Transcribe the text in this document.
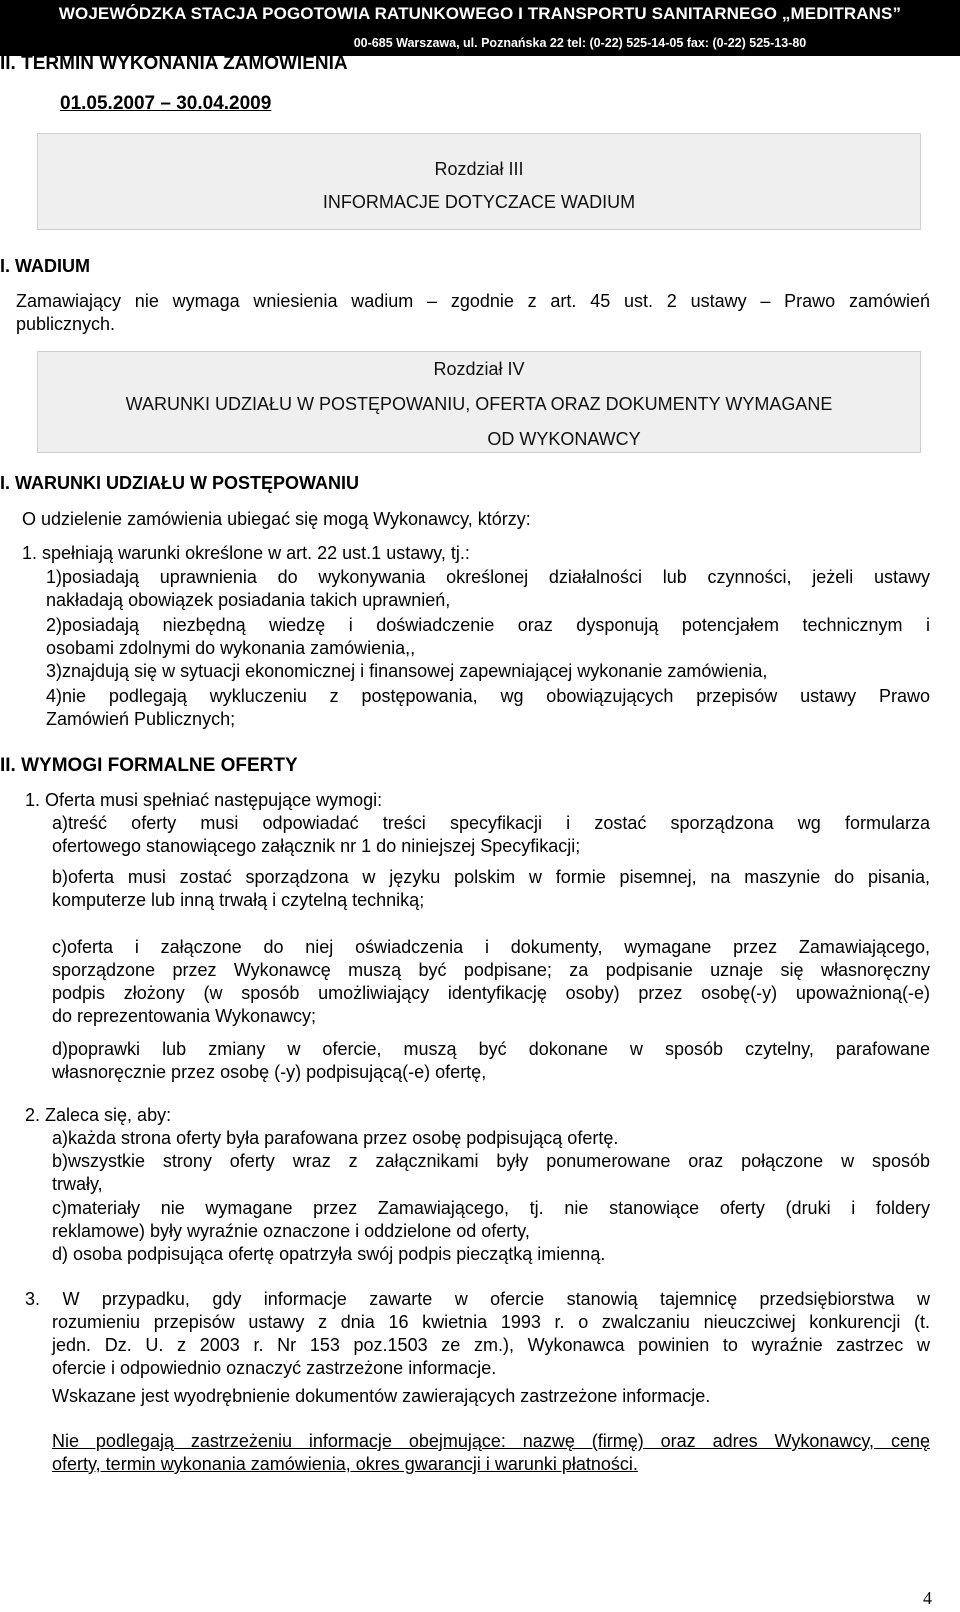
WOJEWÓDZKA STACJA POGOTOWIA RATUNKOWEGO I TRANSPORTU SANITARNEGO „MEDITRANS”
00-685 Warszawa, ul. Poznańska 22 tel: (0-22) 525-14-05 fax: (0-22) 525-13-80
II. TERMIN WYKONANIA ZAMÓWIENIA
01.05.2007 – 30.04.2009
Rozdział III
INFORMACJE DOTYCZACE WADIUM
I. WADIUM
Zamawiający nie wymaga wniesienia wadium – zgodnie z art. 45 ust. 2 ustawy – Prawo zamówień
publicznych.
Rozdział IV
WARUNKI UDZIAŁU W POSTĘPOWANIU, OFERTA ORAZ DOKUMENTY WYMAGANE
OD WYKONAWCY
I. WARUNKI UDZIAŁU W POSTĘPOWANIU
O udzielenie zamówienia ubiegać się mogą Wykonawcy, którzy:
1. spełniają warunki określone w art. 22 ust.1 ustawy, tj.:
1)posiadają uprawnienia do wykonywania określonej działalności lub czynności, jeżeli ustawy
nakładają obowiązek posiadania takich uprawnień,
2)posiadają niezbędną wiedzę i doświadczenie oraz dysponują potencjałem technicznym i
osobami zdolnymi do wykonania zamówienia,,
3)znajdują się w sytuacji ekonomicznej i finansowej zapewniającej wykonanie zamówienia,
4)nie podlegają wykluczeniu z postępowania, wg obowiązujących przepisów ustawy Prawo
Zamówień Publicznych;
II. WYMOGI FORMALNE OFERTY
1. Oferta musi spełniać następujące wymogi:
a)treść oferty musi odpowiadać treści specyfikacji i zostać sporządzona wg formularza
ofertowego stanowiącego załącznik nr 1 do niniejszej Specyfikacji;
b)oferta musi zostać sporządzona w języku polskim w formie pisemnej, na maszynie do pisania,
komputerze lub inną trwałą i czytelną techniką;
c)oferta i załączone do niej oświadczenia i dokumenty, wymagane przez Zamawiającego,
sporządzone przez Wykonawcę muszą być podpisane; za podpisanie uznaje się własnoręczny
podpis złożony (w sposób umożliwiający identyfikację osoby) przez osobę(-y) upoważnioną(-e)
do reprezentowania Wykonawcy;
d)poprawki lub zmiany w ofercie, muszą być dokonane w sposób czytelny, parafowane
własnoręcznie przez osobę (-y) podpisującą(-e) ofertę,
2. Zaleca się, aby:
a)każda strona oferty była parafowana przez osobę podpisującą ofertę.
b)wszystkie strony oferty wraz z załącznikami były ponumerowane oraz połączone w sposób
trwały,
c)materiały nie wymagane przez Zamawiającego, tj. nie stanowiące oferty (druki i foldery
reklamowe) były wyraźnie oznaczone i oddzielone od oferty,
d) osoba podpisująca ofertę opatrzyła swój podpis pieczątką imienną.
3. W przypadku, gdy informacje zawarte w ofercie stanowią tajemnicę przedsiębiorstwa w
rozumieniu przepisów ustawy z dnia 16 kwietnia 1993 r. o zwalczaniu nieuczciwej konkurencji (t.
jedn. Dz. U. z 2003 r. Nr 153 poz.1503 ze zm.), Wykonawca powinien to wyraźnie zastrzec w
ofercie i odpowiednio oznaczyć zastrzeżone informacje.
Wskazane jest wyodrębnienie dokumentów zawierających zastrzeżone informacje.
Nie podlegają zastrzeżeniu informacje obejmujące: nazwę (firmę) oraz adres Wykonawcy, cenę
oferty, termin wykonania zamówienia, okres gwarancji i warunki płatności.
4
